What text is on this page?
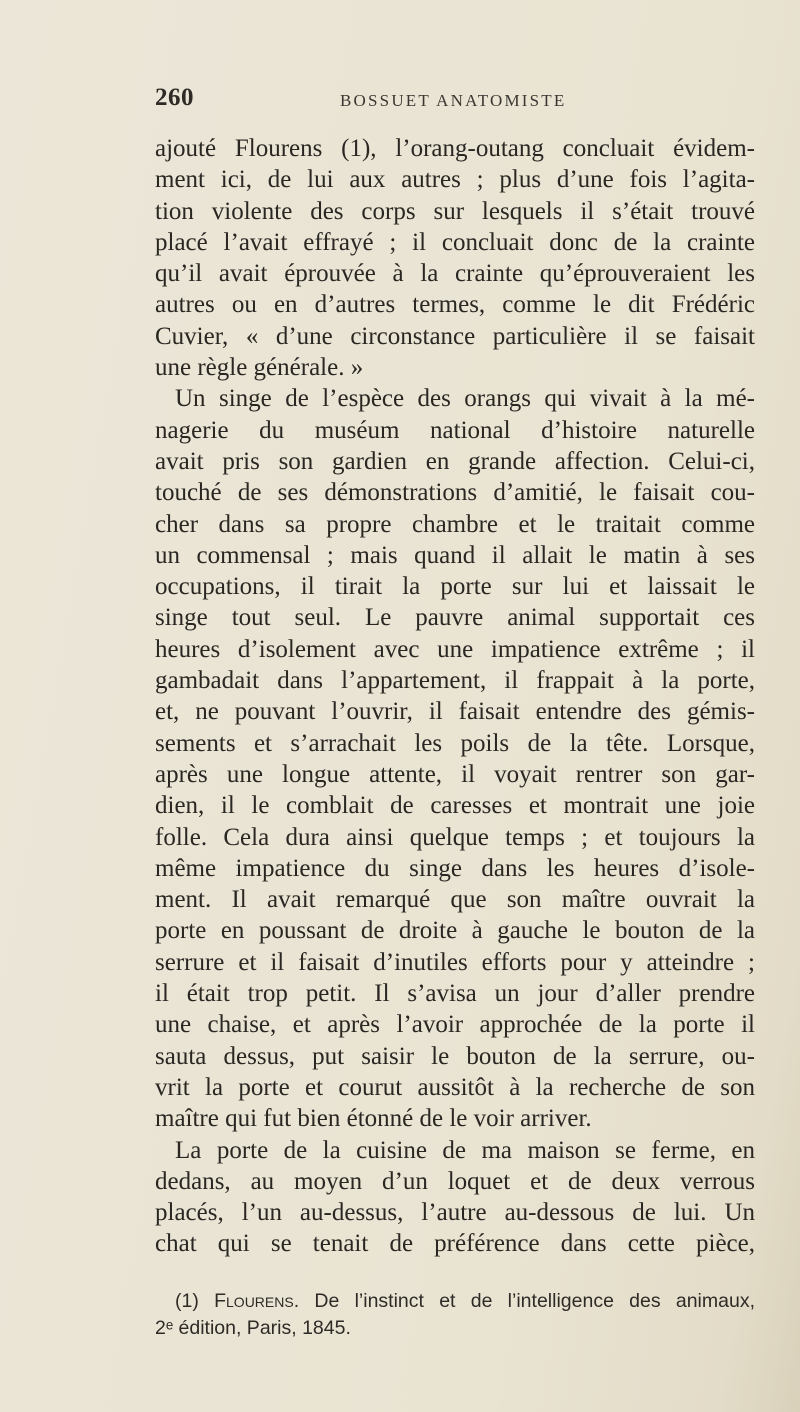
260	BOSSUET ANATOMISTE
ajouté Flourens (1), l’orang-outang concluait évidem-
ment ici, de lui aux autres ; plus d’une fois l’agita-
tion violente des corps sur lesquels il s’était trouvé
placé l’avait effrayé ; il concluait donc de la crainte
qu’il avait éprouvée à la crainte qu’éprouveraient les
autres ou en d’autres termes, comme le dit Frédéric
Cuvier, « d’une circonstance particulière il se faisait
une règle générale. »
Un singe de l’espèce des orangs qui vivait à la mé-
nagerie du muséum national d’histoire naturelle
avait pris son gardien en grande affection. Celui-ci,
touché de ses démonstrations d’amitié, le faisait cou-
cher dans sa propre chambre et le traitait comme
un commensal ; mais quand il allait le matin à ses
occupations, il tirait la porte sur lui et laissait le
singe tout seul. Le pauvre animal supportait ces
heures d’isolement avec une impatience extrême ; il
gambadait dans l’appartement, il frappait à la porte,
et, ne pouvant l’ouvrir, il faisait entendre des gémis-
sements et s’arrachait les poils de la tête. Lorsque,
après une longue attente, il voyait rentrer son gar-
dien, il le comblait de caresses et montrait une joie
folle. Cela dura ainsi quelque temps ; et toujours la
même impatience du singe dans les heures d’isole-
ment. Il avait remarqué que son maître ouvrait la
porte en poussant de droite à gauche le bouton de la
serrure et il faisait d’inutiles efforts pour y atteindre ;
il était trop petit. Il s’avisa un jour d’aller prendre
une chaise, et après l’avoir approchée de la porte il
sauta dessus, put saisir le bouton de la serrure, ou-
vrit la porte et courut aussitôt à la recherche de son
maître qui fut bien étonné de le voir arriver.
La porte de la cuisine de ma maison se ferme, en
dedans, au moyen d’un loquet et de deux verrous
placés, l’un au-dessus, l’autre au-dessous de lui. Un
chat qui se tenait de préférence dans cette pièce,
(1) Flourens. De l’instinct et de l’intelligence des animaux,
2ᵉ édition, Paris, 1845.
